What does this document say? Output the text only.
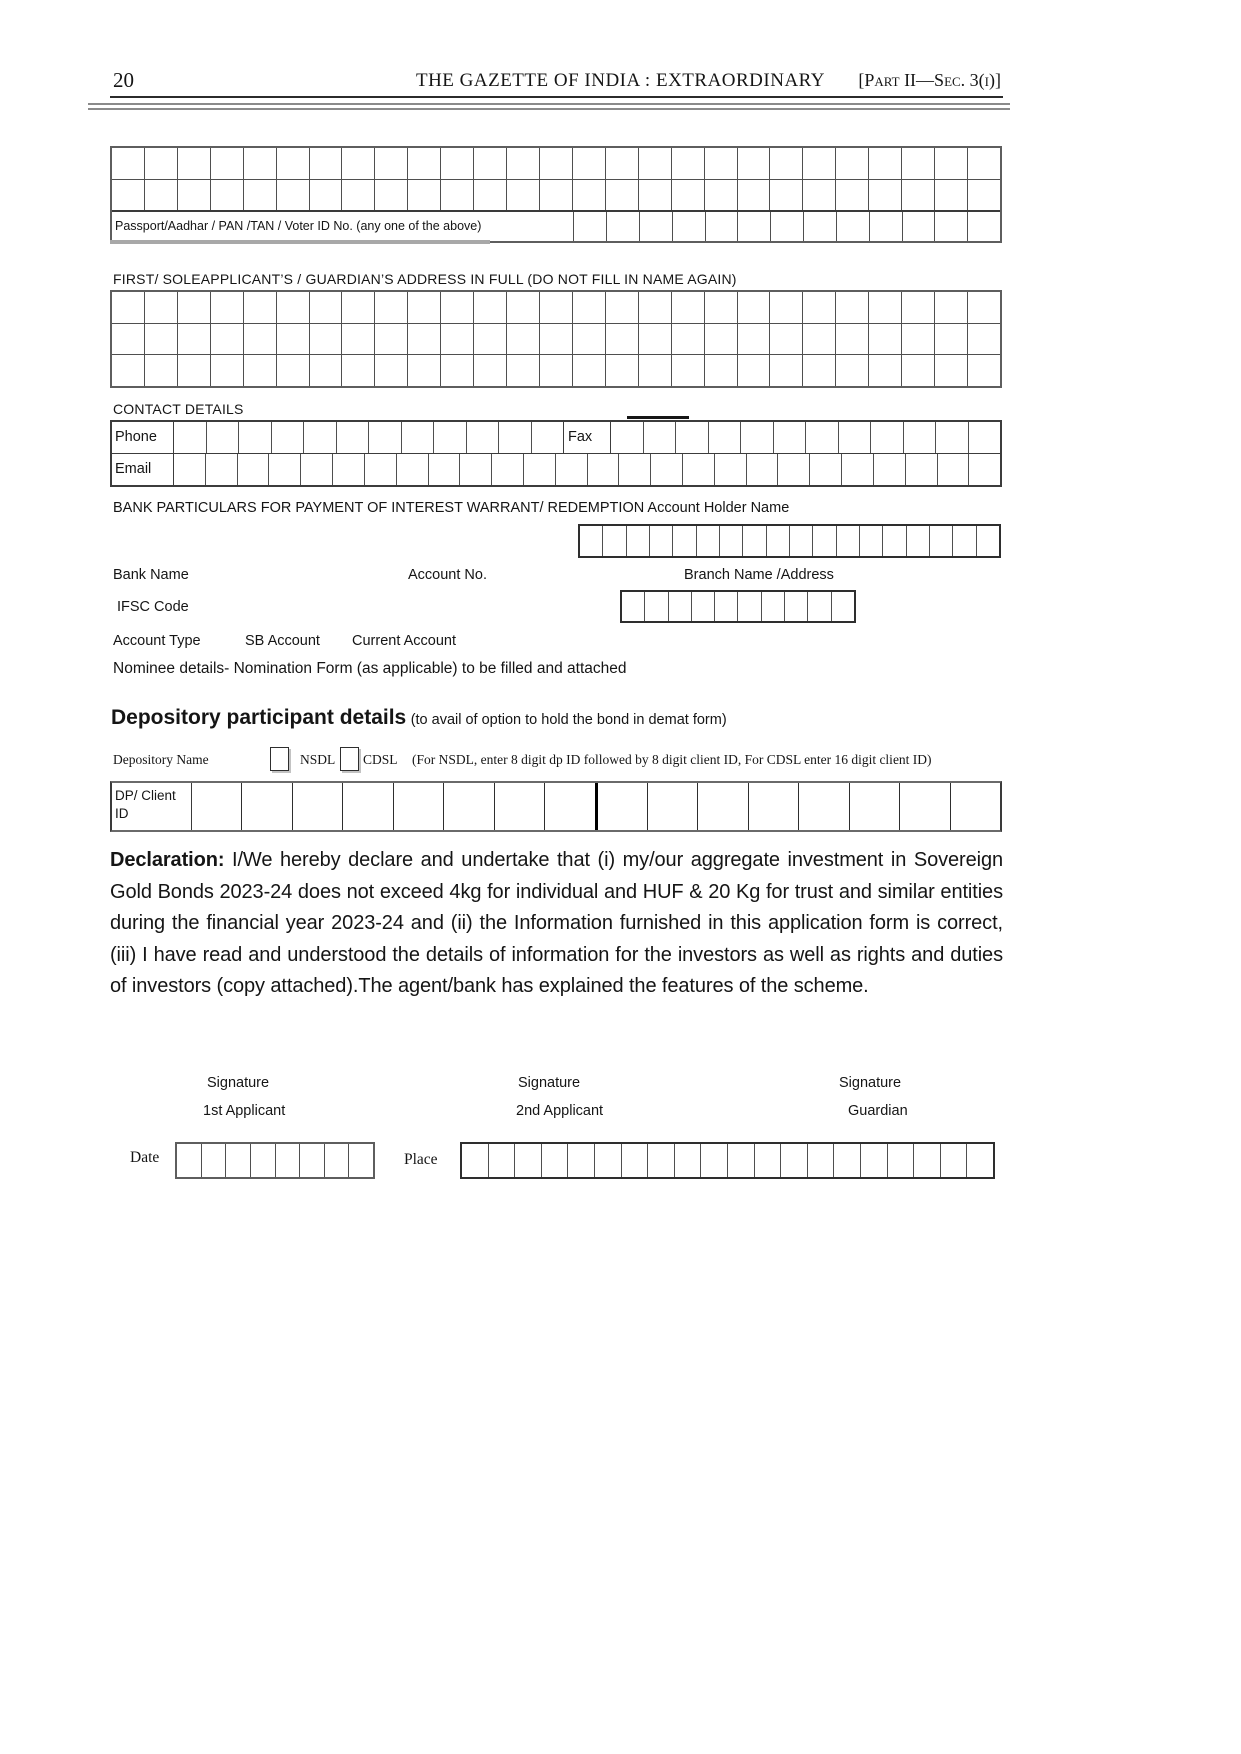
20	THE GAZETTE OF INDIA : EXTRAORDINARY	[Part II—Sec. 3(i)]
Passport/Aadhar / PAN /TAN / Voter ID No. (any one of the above)
FIRST/ SOLEAPPLICANT’S / GUARDIAN’S ADDRESS IN FULL (DO NOT FILL IN NAME AGAIN)
CONTACT DETAILS
Phone	Fax
Email
BANK PARTICULARS FOR PAYMENT OF INTEREST WARRANT/ REDEMPTION Account Holder Name
Bank Name	Account No.	Branch Name /Address
IFSC Code
Account Type	SB Account Current Account
Nominee details- Nomination Form (as applicable) to be filled and attached
Depository participant details (to avail of option to hold the bond in demat form)
Depository Name	NSDL CDSL (For NSDL, enter 8 digit dp ID followed by 8 digit client ID, For CDSL enter 16 digit client ID)
DP/ Client ID
Declaration: I/We hereby declare and undertake that (i) my/our aggregate investment in Sovereign Gold Bonds 2023-24 does not exceed 4kg for individual and HUF & 20 Kg for trust and similar entities during the financial year 2023-24 and (ii) the Information furnished in this application form is correct, (iii) I have read and understood the details of information for the investors as well as rights and duties of investors (copy attached).The agent/bank has explained the features of the scheme.
Signature	Signature	Signature
1st Applicant	2nd Applicant	Guardian
Date	Place
